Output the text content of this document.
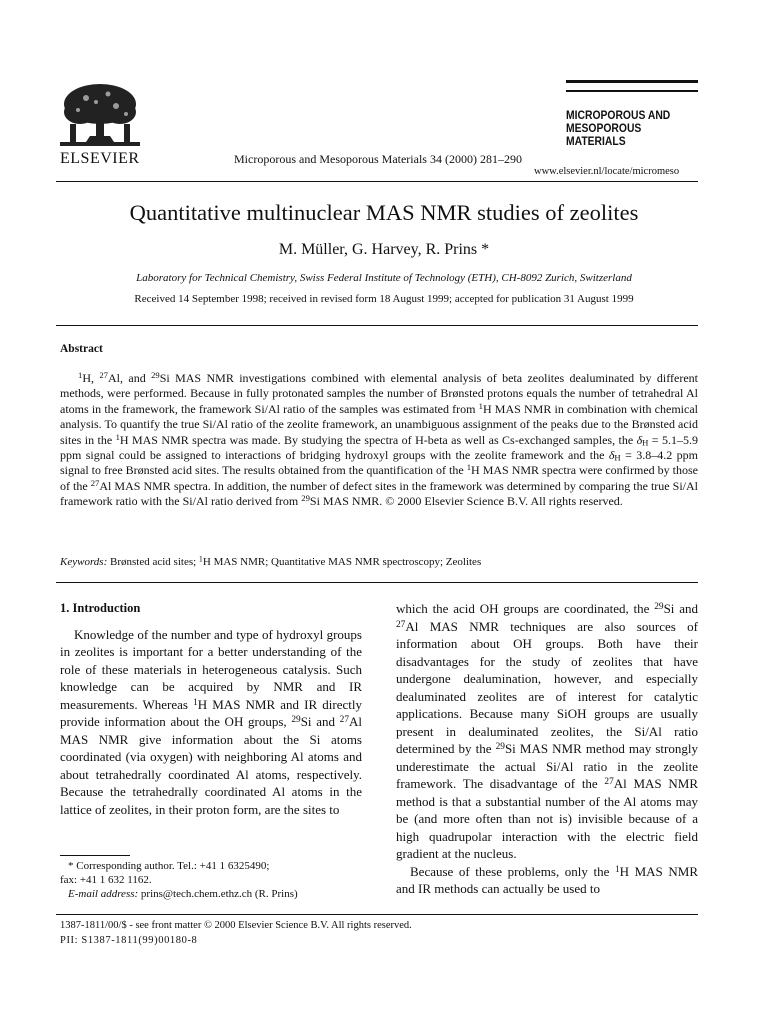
ELSEVIER	Microporous and Mesoporous Materials 34 (2000) 281–290
MICROPOROUS AND
MESOPOROUS MATERIALS
www.elsevier.nl/locate/micromeso
Quantitative multinuclear MAS NMR studies of zeolites
M. Müller, G. Harvey, R. Prins *
Laboratory for Technical Chemistry, Swiss Federal Institute of Technology (ETH), CH-8092 Zurich, Switzerland
Received 14 September 1998; received in revised form 18 August 1999; accepted for publication 31 August 1999
Abstract
$^1$H, $^{27}$Al, and $^{29}$Si MAS NMR investigations combined with elemental analysis of beta zeolites dealuminated by different methods, were performed. Because in fully protonated samples the number of Brønsted protons equals the number of tetrahedral Al atoms in the framework, the framework Si/Al ratio of the samples was estimated from $^1$H MAS NMR in combination with chemical analysis. To quantify the true Si/Al ratio of the zeolite framework, an unambiguous assignment of the peaks due to the Brønsted acid sites in the $^1$H MAS NMR spectra was made. By studying the spectra of H-beta as well as Cs-exchanged samples, the $\delta_H = 5.1-5.9$ ppm signal could be assigned to interactions of bridging hydroxyl groups with the zeolite framework and the $\delta_H = 3.8-4.2$ ppm signal to free Brønsted acid sites. The results obtained from the quantification of the $^1$H MAS NMR spectra were confirmed by those of the $^{27}$Al MAS NMR spectra. In addition, the number of defect sites in the framework was determined by comparing the true Si/Al framework ratio with the Si/Al ratio derived from $^{29}$Si MAS NMR. © 2000 Elsevier Science B.V. All rights reserved.
Keywords: Brønsted acid sites; $^1$H MAS NMR; Quantitative MAS NMR spectroscopy; Zeolites
1. Introduction

Knowledge of the number and type of hydroxyl groups in zeolites is important for a better understanding of the role of these materials in heterogeneous catalysis. Such knowledge can be acquired by NMR and IR measurements. Whereas $^1$H MAS NMR and IR directly provide information about the OH groups, $^{29}$Si and $^{27}$Al MAS NMR give information about the Si atoms coordinated (via oxygen) with neighboring Al atoms and about tetrahedrally coordinated Al atoms, respectively. Because the tetrahedrally coordinated Al atoms in the lattice of zeolites, in their proton form, are the sites to

which the acid OH groups are coordinated, the $^{29}$Si and $^{27}$Al MAS NMR techniques are also sources of information about OH groups. Both have their disadvantages for the study of zeolites that have undergone dealumination, however, and especially dealuminated zeolites are of interest for catalytic applications. Because many SiOH groups are usually present in dealuminated zeolites, the Si/Al ratio determined by the $^{29}$Si MAS NMR method may strongly underestimate the actual Si/Al ratio in the zeolite framework. The disadvantage of the $^{27}$Al MAS NMR method is that a substantial number of the Al atoms may be (and more often than not is) invisible because of a high quadrupolar interaction with the electric field gradient at the nucleus.

Because of these problems, only the $^1$H MAS NMR and IR methods can actually be used to

* Corresponding author. Tel.: +41 1 6325490;
fax: +41 1 632 1162.
E-mail address: prins@tech.chem.ethz.ch (R. Prins)
1387-1811/00/$ - see front matter © 2000 Elsevier Science B.V. All rights reserved.
PII: S1387-1811(99)00180-8
